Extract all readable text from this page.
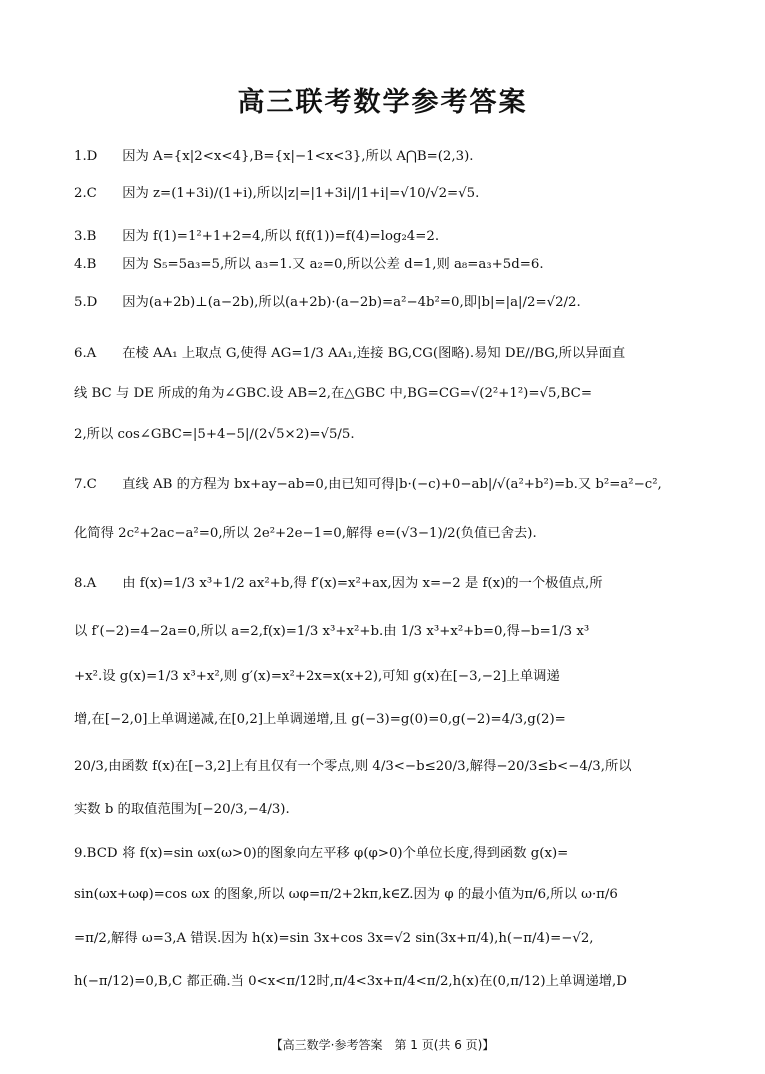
高三联考数学参考答案
1.D 因为 A={x|2<x<4},B={x|−1<x<3},所以 A⋂B=(2,3).
2.C 因为 z=(1+3i)/(1+i),所以|z|=|1+3i|/|1+i|=√10/√2=√5.
3.B 因为 f(1)=1²+1+2=4,所以 f(f(1))=f(4)=log₂4=2.
4.B 因为 S₅=5a₃=5,所以 a₃=1.又 a₂=0,所以公差 d=1,则 a₈=a₃+5d=6.
5.D 因为(a+2b)⊥(a−2b),所以(a+2b)·(a−2b)=a²−4b²=0,即|b|=|a|/2=√2/2.
6.A 在棱 AA₁ 上取点 G,使得 AG=1/3 AA₁,连接 BG,CG(图略).易知 DE//BG,所以异面直
线 BC 与 DE 所成的角为∠GBC.设 AB=2,在△GBC 中,BG=CG=√(2²+1²)=√5,BC=
2,所以 cos∠GBC=|5+4−5|/(2√5×2)=√5/5.
7.C 直线 AB 的方程为 bx+ay−ab=0,由已知可得|b·(−c)+0−ab|/√(a²+b²)=b.又 b²=a²−c²,
化简得 2c²+2ac−a²=0,所以 2e²+2e−1=0,解得 e=(√3−1)/2(负值已舍去).
8.A 由 f(x)=1/3 x³+1/2 ax²+b,得 f′(x)=x²+ax,因为 x=−2 是 f(x)的一个极值点,所
以 f′(−2)=4−2a=0,所以 a=2,f(x)=1/3 x³+x²+b.由 1/3 x³+x²+b=0,得−b=1/3 x³
+x².设 g(x)=1/3 x³+x²,则 g′(x)=x²+2x=x(x+2),可知 g(x)在[−3,−2]上单调递
增,在[−2,0]上单调递减,在[0,2]上单调递增,且 g(−3)=g(0)=0,g(−2)=4/3,g(2)=
20/3,由函数 f(x)在[−3,2]上有且仅有一个零点,则 4/3<−b≤20/3,解得−20/3≤b<−4/3,所以
实数 b 的取值范围为[−20/3,−4/3).
9.BCD 将 f(x)=sin ωx(ω>0)的图象向左平移 φ(φ>0)个单位长度,得到函数 g(x)=
sin(ωx+ωφ)=cos ωx 的图象,所以 ωφ=π/2+2kπ,k∈Z.因为 φ 的最小值为π/6,所以 ω·π/6
=π/2,解得 ω=3,A 错误.因为 h(x)=sin 3x+cos 3x=√2 sin(3x+π/4),h(−π/4)=−√2,
h(−π/12)=0,B,C 都正确.当 0<x<π/12时,π/4<3x+π/4<π/2,h(x)在(0,π/12)上单调递增,D
【高三数学·参考答案　第 1 页(共 6 页)】
